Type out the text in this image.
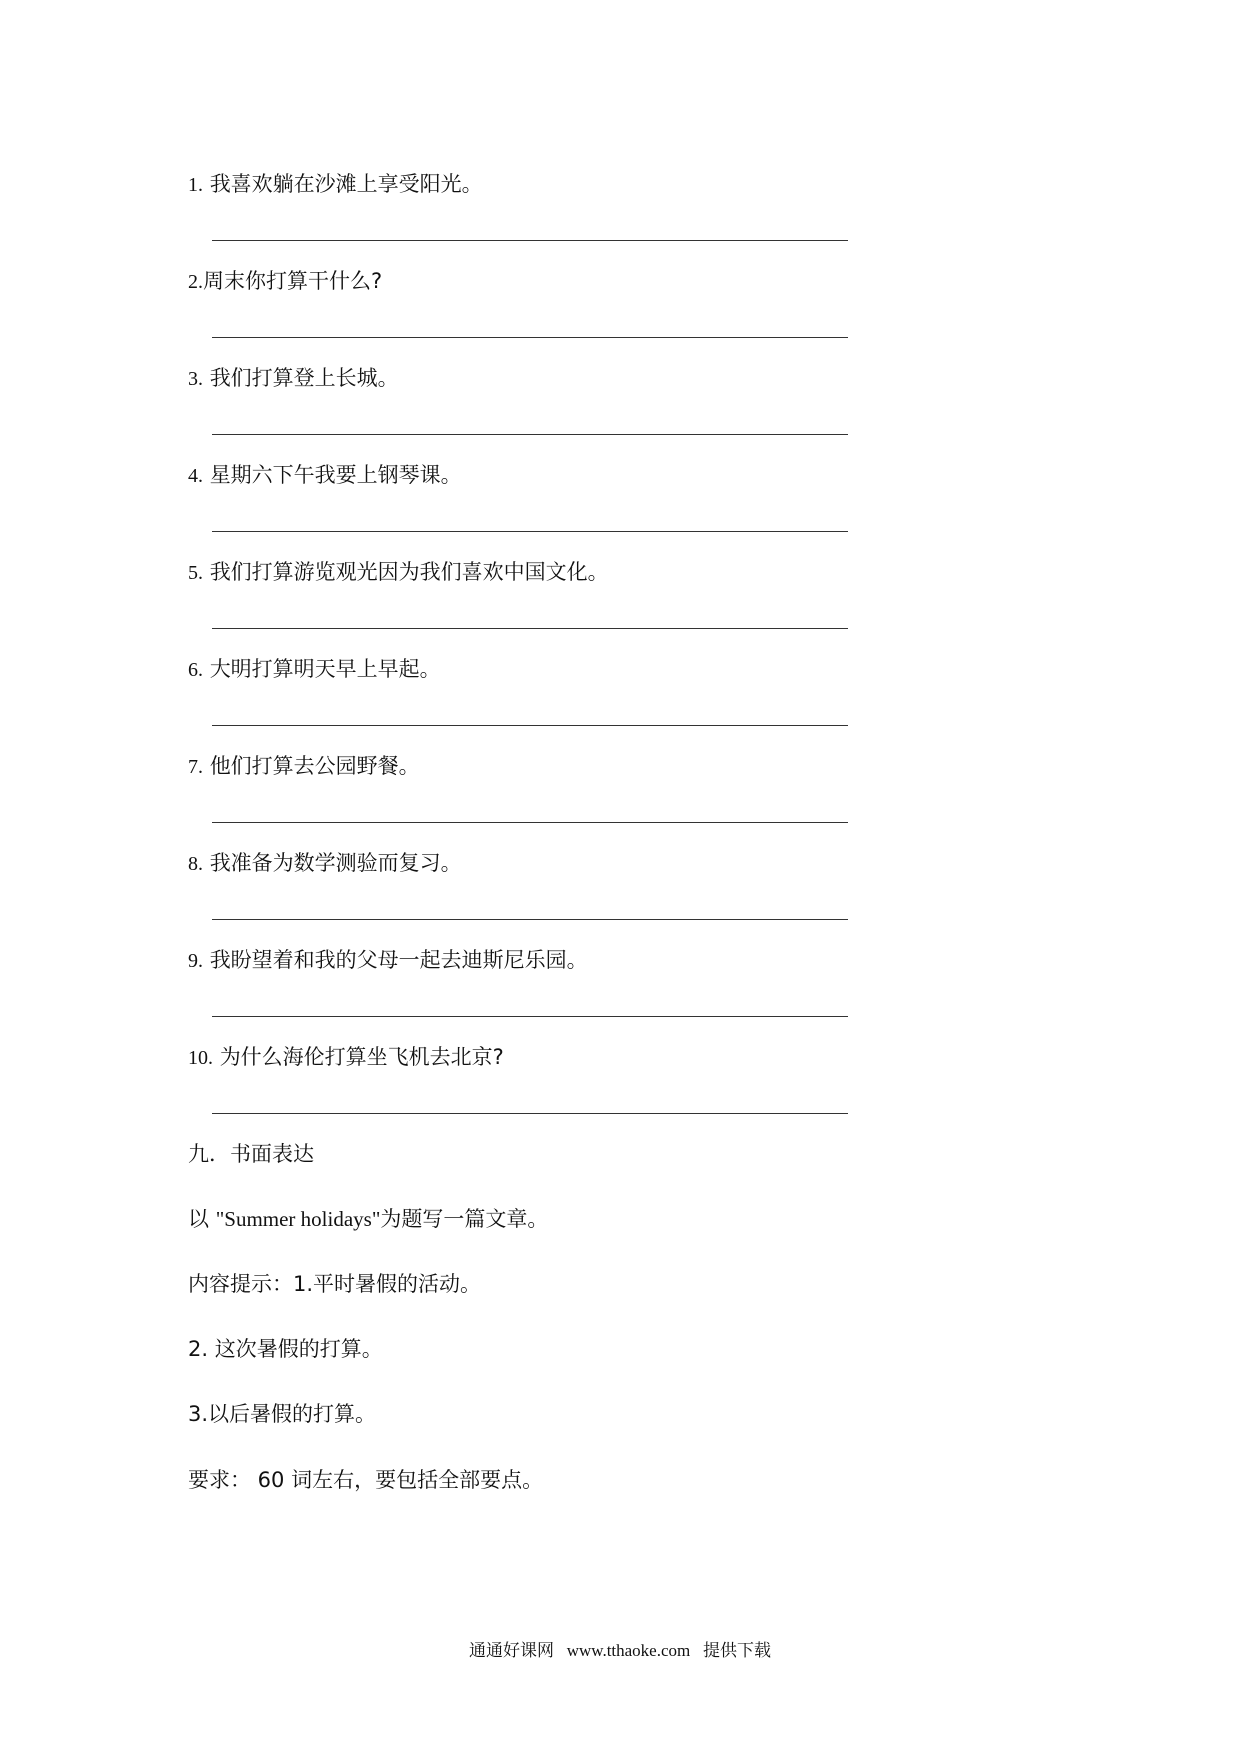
1. 我喜欢躺在沙滩上享受阳光。
2.周末你打算干什么?
3. 我们打算登上长城。
4. 星期六下午我要上钢琴课。
5. 我们打算游览观光因为我们喜欢中国文化。
6. 大明打算明天早上早起。
7. 他们打算去公园野餐。
8. 我准备为数学测验而复习。
9. 我盼望着和我的父母一起去迪斯尼乐园。
10. 为什么海伦打算坐飞机去北京?
九．书面表达
以 "Summer holidays"为题写一篇文章。
内容提示：1.平时暑假的活动。
2. 这次暑假的打算。
3.以后暑假的打算。
要求： 60 词左右，要包括全部要点。
通通好课网 www.tthaoke.com 提供下载
